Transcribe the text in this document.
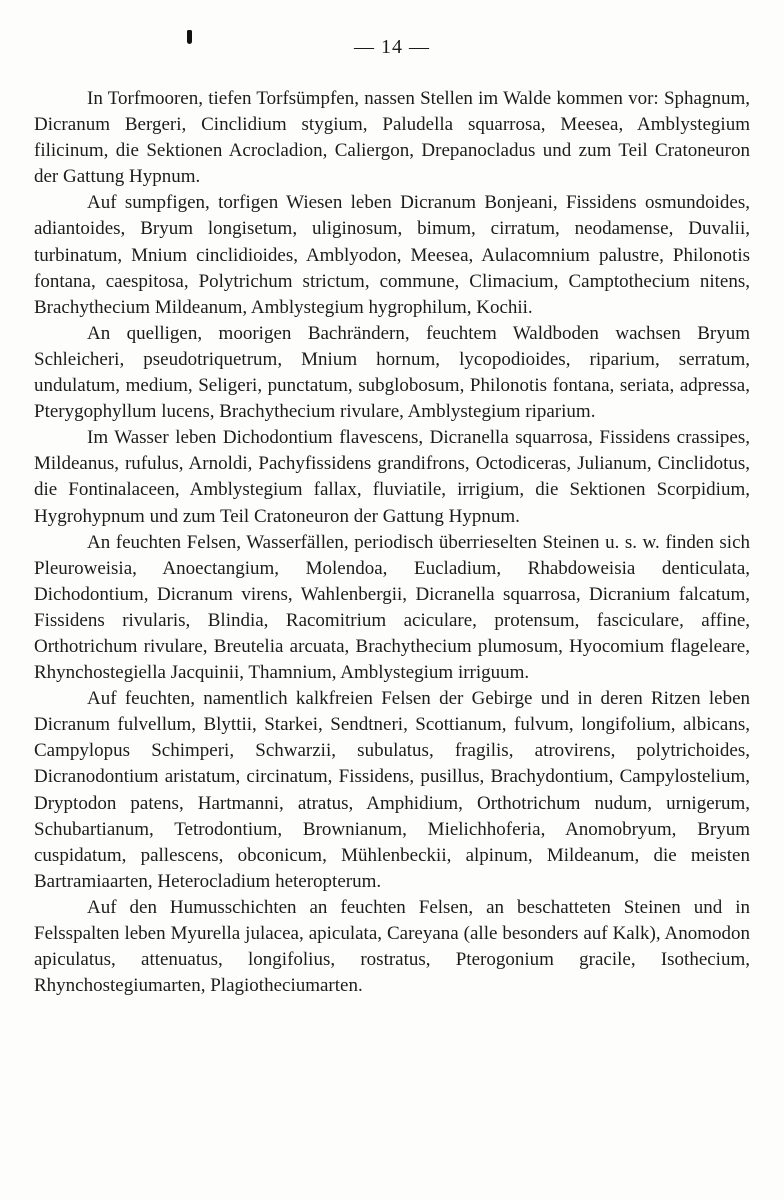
— 14 —

In Torfmooren, tiefen Torfsümpfen, nassen Stellen im Walde kommen vor: Sphagnum, Dicranum Bergeri, Cinclidium stygium, Paludella squarrosa, Meesea, Amblystegium filicinum, die Sektionen Acrocladion, Caliergon, Drepanocladus und zum Teil Cratoneuron der Gattung Hypnum.

Auf sumpfigen, torfigen Wiesen leben Dicranum Bonjeani, Fissidens osmundoides, adiantoides, Bryum longisetum, uliginosum, bimum, cirratum, neodamense, Duvalii, turbinatum, Mnium cinclidioides, Amblyodon, Meesea, Aulacomnium palustre, Philonotis fontana, caespitosa, Polytrichum strictum, commune, Climacium, Camptothecium nitens, Brachythecium Mildeanum, Amblystegium hygrophilum, Kochii.

An quelligen, moorigen Bachrändern, feuchtem Waldboden wachsen Bryum Schleicheri, pseudotriquetrum, Mnium hornum, lycopodioides, riparium, serratum, undulatum, medium, Seligeri, punctatum, subglobosum, Philonotis fontana, seriata, adpressa, Pterygophyllum lucens, Brachythecium rivulare, Amblystegium riparium.

Im Wasser leben Dichodontium flavescens, Dicranella squarrosa, Fissidens crassipes, Mildeanus, rufulus, Arnoldi, Pachyfissidens grandifrons, Octodiceras, Julianum, Cinclidotus, die Fontinalaceen, Amblystegium fallax, fluviatile, irrigium, die Sektionen Scorpidium, Hygrohypnum und zum Teil Cratoneuron der Gattung Hypnum.

An feuchten Felsen, Wasserfällen, periodisch überrieselten Steinen u. s. w. finden sich Pleuroweisia, Anoectangium, Molendoa, Eucladium, Rhabdoweisia denticulata, Dichodontium, Dicranum virens, Wahlenbergii, Dicranella squarrosa, Dicranium falcatum, Fissidens rivularis, Blindia, Racomitrium aciculare, protensum, fasciculare, affine, Orthotrichum rivulare, Breutelia arcuata, Brachythecium plumosum, Hyocomium flageleare, Rhynchostegiella Jacquinii, Thamnium, Amblystegium irriguum.

Auf feuchten, namentlich kalkfreien Felsen der Gebirge und in deren Ritzen leben Dicranum fulvellum, Blyttii, Starkei, Sendtneri, Scottianum, fulvum, longifolium, albicans, Campylopus Schimperi, Schwarzii, subulatus, fragilis, atrovirens, polytrichoides, Dicranodontium aristatum, circinatum, Fissidens, pusillus, Brachydontium, Campylostelium, Dryptodon patens, Hartmanni, atratus, Amphidium, Orthotrichum nudum, urnigerum, Schubartianum, Tetrodontium, Brownianum, Mielichhoferia, Anomobryum, Bryum cuspidatum, pallescens, obconicum, Mühlenbeckii, alpinum, Mildeanum, die meisten Bartramiaarten, Heterocladium heteropterum.

Auf den Humusschichten an feuchten Felsen, an beschatteten Steinen und in Felsspalten leben Myurella julacea, apiculata, Careyana (alle besonders auf Kalk), Anomodon apiculatus, attenuatus, longifolius, rostratus, Pterogonium gracile, Isothecium, Rhynchostegiumarten, Plagiotheciumarten.
